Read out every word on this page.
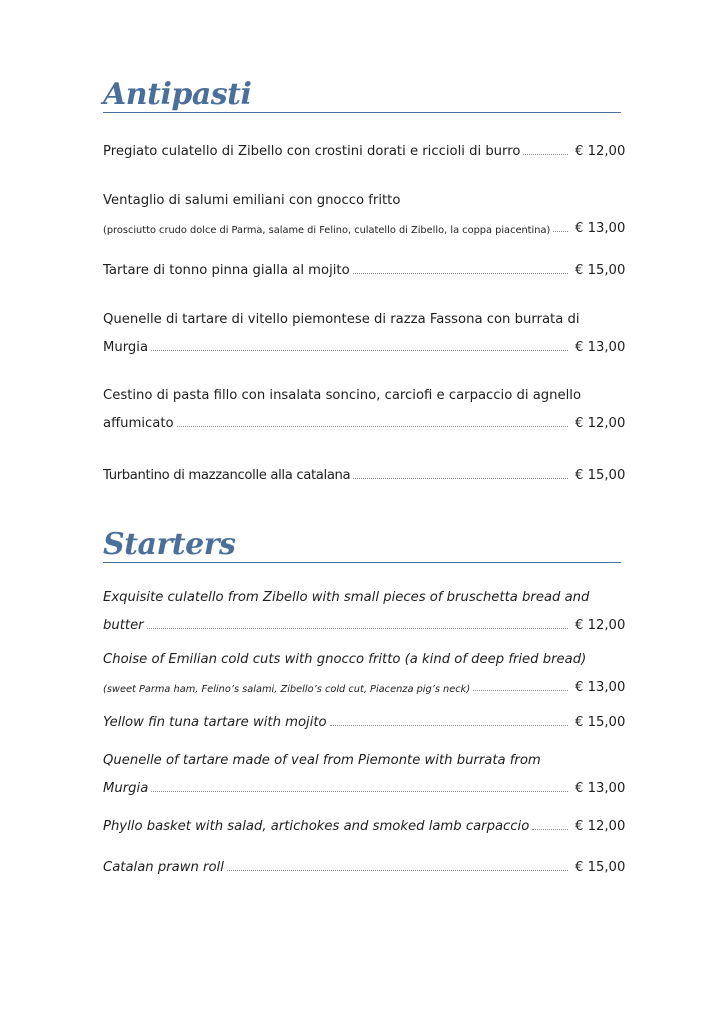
Antipasti
Pregiato culatello di Zibello con crostini dorati e riccioli di burro	€ 12,00
Ventaglio di salumi emiliani con gnocco fritto
(prosciutto crudo dolce di Parma, salame di Felino, culatello di Zibello, la coppa piacentina) € 13,00
Tartare di tonno pinna gialla al mojito	€ 15,00
Quenelle di tartare di vitello piemontese di razza Fassona con burrata di
Murgia	€ 13,00
Cestino di pasta fillo con insalata soncino, carciofi e carpaccio di agnello
affumicato	€ 12,00
Turbantino di mazzancolle alla catalana	€ 15,00
Starters
Exquisite culatello from Zibello with small pieces of bruschetta bread and
butter	€ 12,00
Choise of Emilian cold cuts with gnocco fritto (a kind of deep fried bread)
(sweet Parma ham, Felino’s salami, Zibello’s cold cut, Piacenza pig’s neck)	€ 13,00
Yellow fin tuna tartare with mojito	€ 15,00
Quenelle of tartare made of veal from Piemonte with burrata from
Murgia	€ 13,00
Phyllo basket with salad, artichokes and smoked lamb carpaccio	€ 12,00
Catalan prawn roll	€ 15,00
